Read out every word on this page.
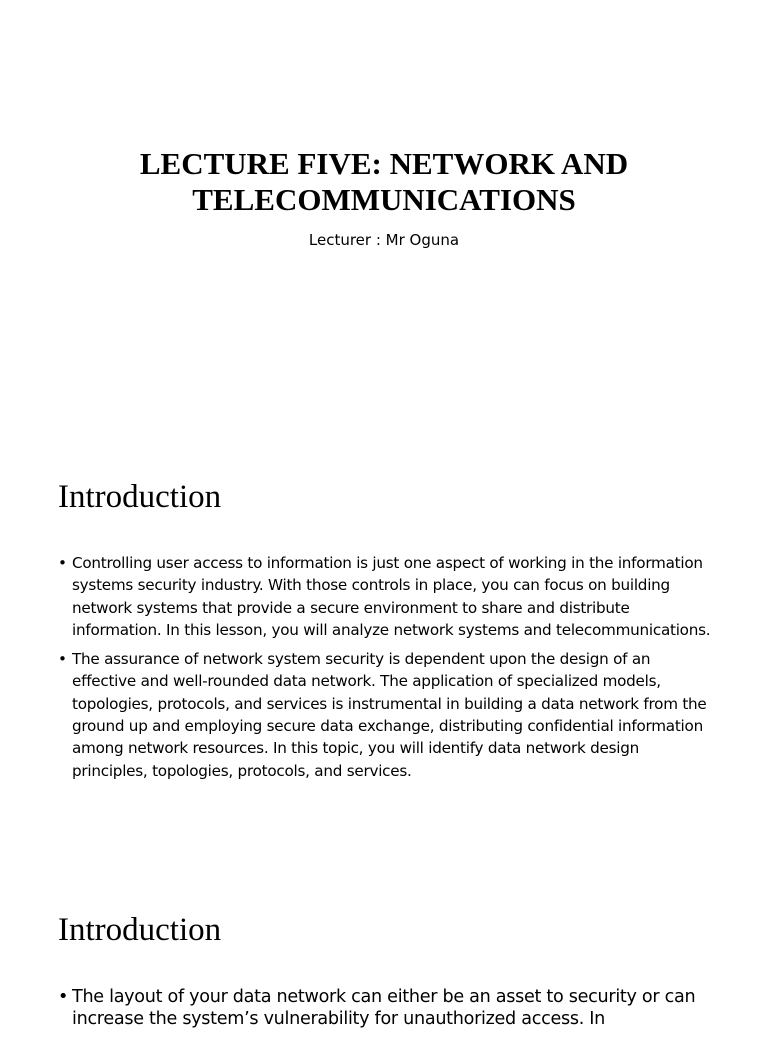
LECTURE FIVE: NETWORK AND
TELECOMMUNICATIONS
Lecturer : Mr Oguna
Introduction
• Controlling user access to information is just one aspect of working in the information systems security industry. With those controls in place, you can focus on building network systems that provide a secure environment to share and distribute information. In this lesson, you will analyze network systems and telecommunications.
• The assurance of network system security is dependent upon the design of an effective and well-rounded data network. The application of specialized models, topologies, protocols, and services is instrumental in building a data network from the ground up and employing secure data exchange, distributing confidential information among network resources. In this topic, you will identify data network design principles, topologies, protocols, and services.
Introduction
• The layout of your data network can either be an asset to security or can increase the system’s vulnerability for unauthorized access. In
